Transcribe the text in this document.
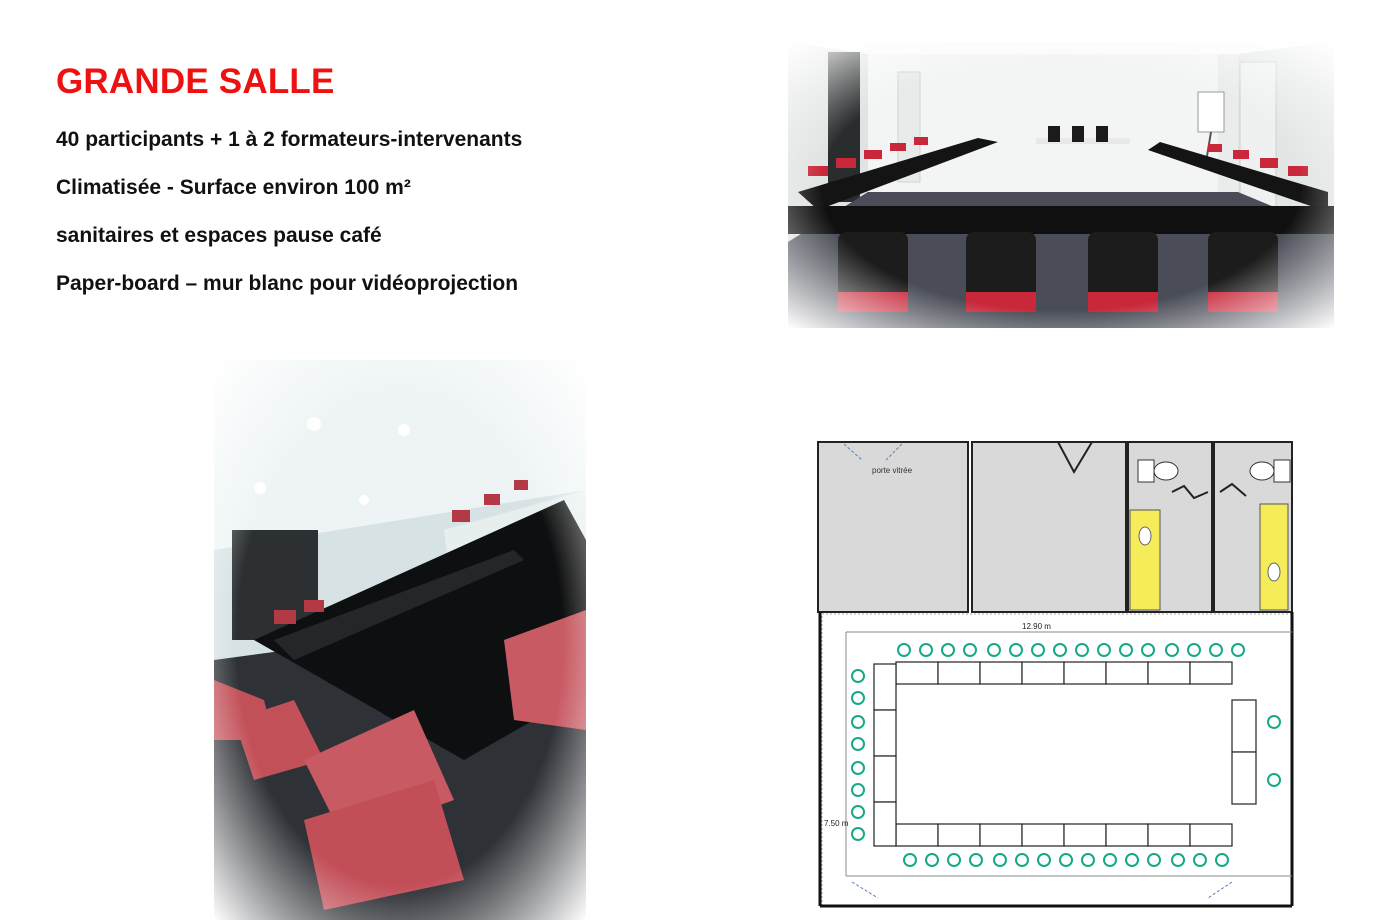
GRANDE SALLE
40 participants + 1 à 2 formateurs-intervenants
Climatisée - Surface environ 100 m²
sanitaires et espaces pause café
Paper-board – mur blanc pour vidéoprojection
porte vitrée
12.90 m
7.50 m
